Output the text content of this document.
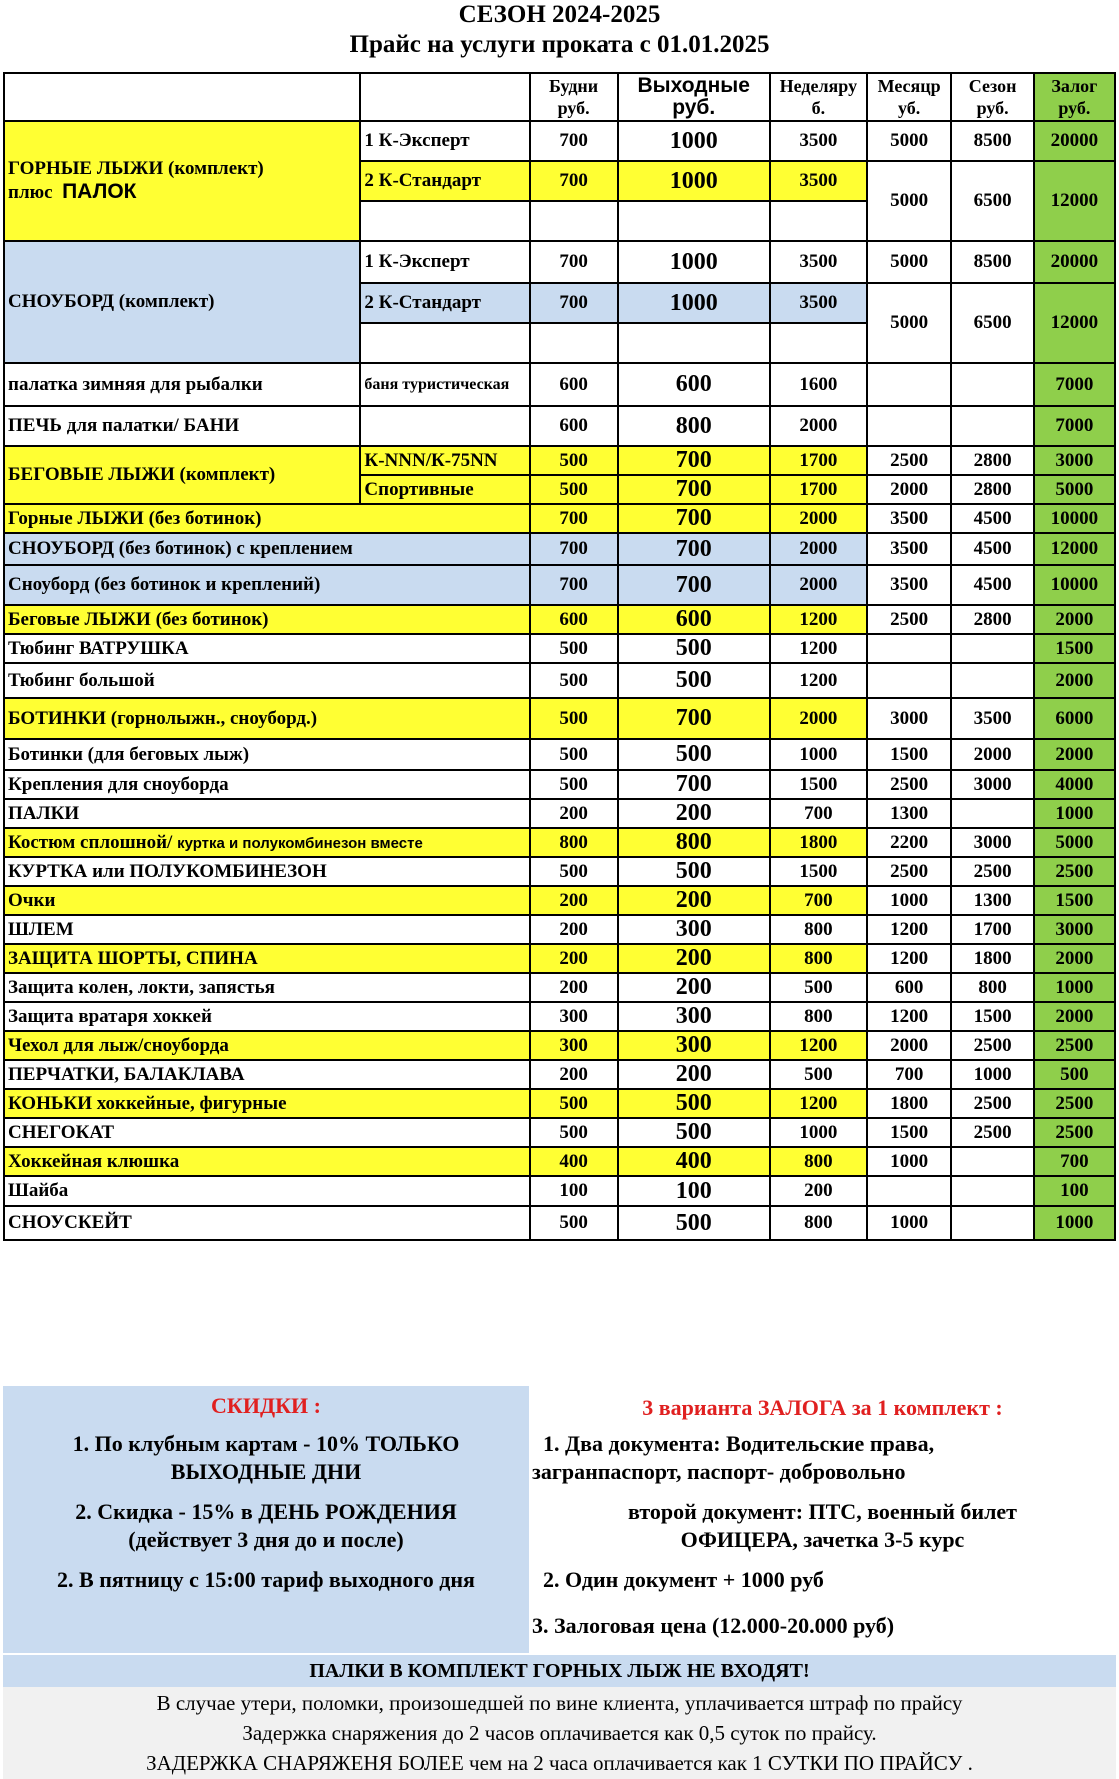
СЕЗОН 2024-2025
Прайс на услуги проката с 01.01.2025
		Будни руб.	Выходные руб.	Неделяру б.	Месяцр уб.	Сезон руб.	Залог руб.

ГОРНЫЕ ЛЫЖИ (комплект)
плюс ПАЛОК	1 К-Эксперт	700	1000	3500	5000	8500	20000
	2 К-Стандарт	700	1000	3500	5000	6500	12000

СНОУБОРД (комплект)	1 К-Эксперт	700	1000	3500	5000	8500	20000
	2 К-Стандарт	700	1000	3500	5000	6500	12000

палатка зимняя для рыбалки	баня туристическая	600	600	1600			7000
ПЕЧЬ для палатки/ БАНИ		600	800	2000			7000
БЕГОВЫЕ ЛЫЖИ (комплект)	К-NNN/К-75NN	500	700	1700	2500	2800	3000
	Спортивные	500	700	1700	2000	2800	5000
Горные ЛЫЖИ (без ботинок)		700	700	2000	3500	4500	10000
СНОУБОРД (без ботинок) с креплением		700	700	2000	3500	4500	12000
Сноуборд (без ботинок и креплений)		700	700	2000	3500	4500	10000
Беговые ЛЫЖИ (без ботинок)		600	600	1200	2500	2800	2000
Тюбинг ВАТРУШКА		500	500	1200			1500
Тюбинг большой		500	500	1200			2000
БОТИНКИ (горнолыжн., сноуборд.)		500	700	2000	3000	3500	6000
Ботинки (для беговых лыж)		500	500	1000	1500	2000	2000
Крепления для сноуборда		500	700	1500	2500	3000	4000
ПАЛКИ		200	200	700	1300		1000
Костюм сплошной/ куртка и полукомбинезон вместе		800	800	1800	2200	3000	5000
КУРТКА или ПОЛУКОМБИНЕЗОН		500	500	1500	2500	2500	2500
Очки		200	200	700	1000	1300	1500
ШЛЕМ		200	300	800	1200	1700	3000
ЗАЩИТА ШОРТЫ, СПИНА		200	200	800	1200	1800	2000
Защита колен, локти, запястья		200	200	500	600	800	1000
Защита вратаря хоккей		300	300	800	1200	1500	2000
Чехол для лыж/сноуборда		300	300	1200	2000	2500	2500
ПЕРЧАТКИ, БАЛАКЛАВА		200	200	500	700	1000	500
КОНЬКИ хоккейные, фигурные		500	500	1200	1800	2500	2500
СНЕГОКАТ		500	500	1000	1500	2500	2500
Хоккейная клюшка		400	400	800	1000		700
Шайба		100	100	200			100
СНОУСКЕЙТ		500	500	800	1000		1000
СКИДКИ :
1. По клубным картам - 10% ТОЛЬКО
ВЫХОДНЫЕ ДНИ
2. Скидка - 15% в ДЕНЬ РОЖДЕНИЯ
(действует 3 дня до и после)
2. В пятницу с 15:00 тариф выходного дня
3 варианта ЗАЛОГА за 1 комплект :
1. Два документа: Водительские права,
загранпаспорт, паспорт- добровольно
второй документ: ПТС, военный билет
ОФИЦЕРА, зачетка 3-5 курс
2. Один документ + 1000 руб
3. Залоговая цена (12.000-20.000 руб)
ПАЛКИ В КОМПЛЕКТ ГОРНЫХ ЛЫЖ НЕ ВХОДЯТ!
В случае утери, поломки, произошедшей по вине клиента, уплачивается штраф по прайсу
Задержка снаряжения до 2 часов оплачивается как 0,5 суток по прайсу.
ЗАДЕРЖКА СНАРЯЖЕНЯ БОЛЕЕ чем на 2 часа оплачивается как 1 СУТКИ ПО ПРАЙСУ .
